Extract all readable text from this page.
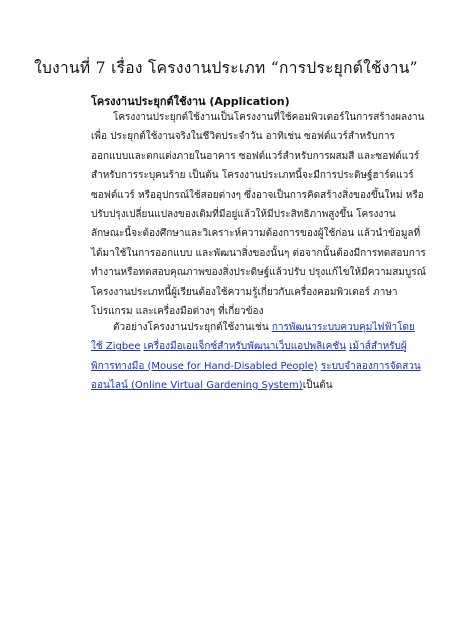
ใบงานที่ 7 เรื่อง โครงงานประเภท “การประยุกต์ใช้งาน”
โครงงานประยุกต์ใช้งาน (Application)
โครงงานประยุกต์ใช้งานเป็นโครงงานที่ใช้คอมพิวเตอร์ในการสร้างผลงาน
เพื่อ ประยุกต์ใช้งานจริงในชีวิตประจำวัน อาทิเช่น ซอฟต์แวร์สำหรับการ
ออกแบบและตกแต่งภายในอาคาร ซอฟต์แวร์สำหรับการผสมสี และซอฟต์แวร์
สำหรับการระบุคนร้าย เป็นต้น โครงงานประเภทนี้จะมีการประดิษฐ์ฮาร์ดแวร์
ซอฟต์แวร์ หรืออุปกรณ์ใช้สอยต่างๆ ซึ่งอาจเป็นการคิดสร้างสิ่งของขึ้นใหม่ หรือ
ปรับปรุงเปลี่ยนแปลงของเดิมที่มีอยู่แล้วให้มีประสิทธิภาพสูงขึ้น โครงงาน
ลักษณะนี้จะต้องศึกษาและวิเคราะห์ความต้องการของผู้ใช้ก่อน แล้วนำข้อมูลที่
ได้มาใช้ในการออกแบบ และพัฒนาสิ่งของนั้นๆ ต่อจากนั้นต้องมีการทดสอบการ
ทำงานหรือทดสอบคุณภาพของสิ่งประดิษฐ์แล้วปรับ ปรุงแก้ไขให้มีความสมบูรณ์
โครงงานประเภทนี้ผู้เรียนต้องใช้ความรู้เกี่ยวกับเครื่องคอมพิวเตอร์ ภาษา
โปรแกรม และเครื่องมือต่างๆ ที่เกี่ยวข้อง
ตัวอย่างโครงงานประยุกต์ใช้งานเช่น การพัฒนาระบบควบคุมไฟฟ้าโดย
ใช้ Zigbee เครื่องมือเอแจ็กซ์สำหรับพัฒนาเว็บแอปพลิเคชัน เม้าส์สำหรับผู้
พิการทางมือ (Mouse for Hand-Disabled People) ระบบจำลองการจัดสวน
ออนไลน์ (Online Virtual Gardening System)เป็นต้น
